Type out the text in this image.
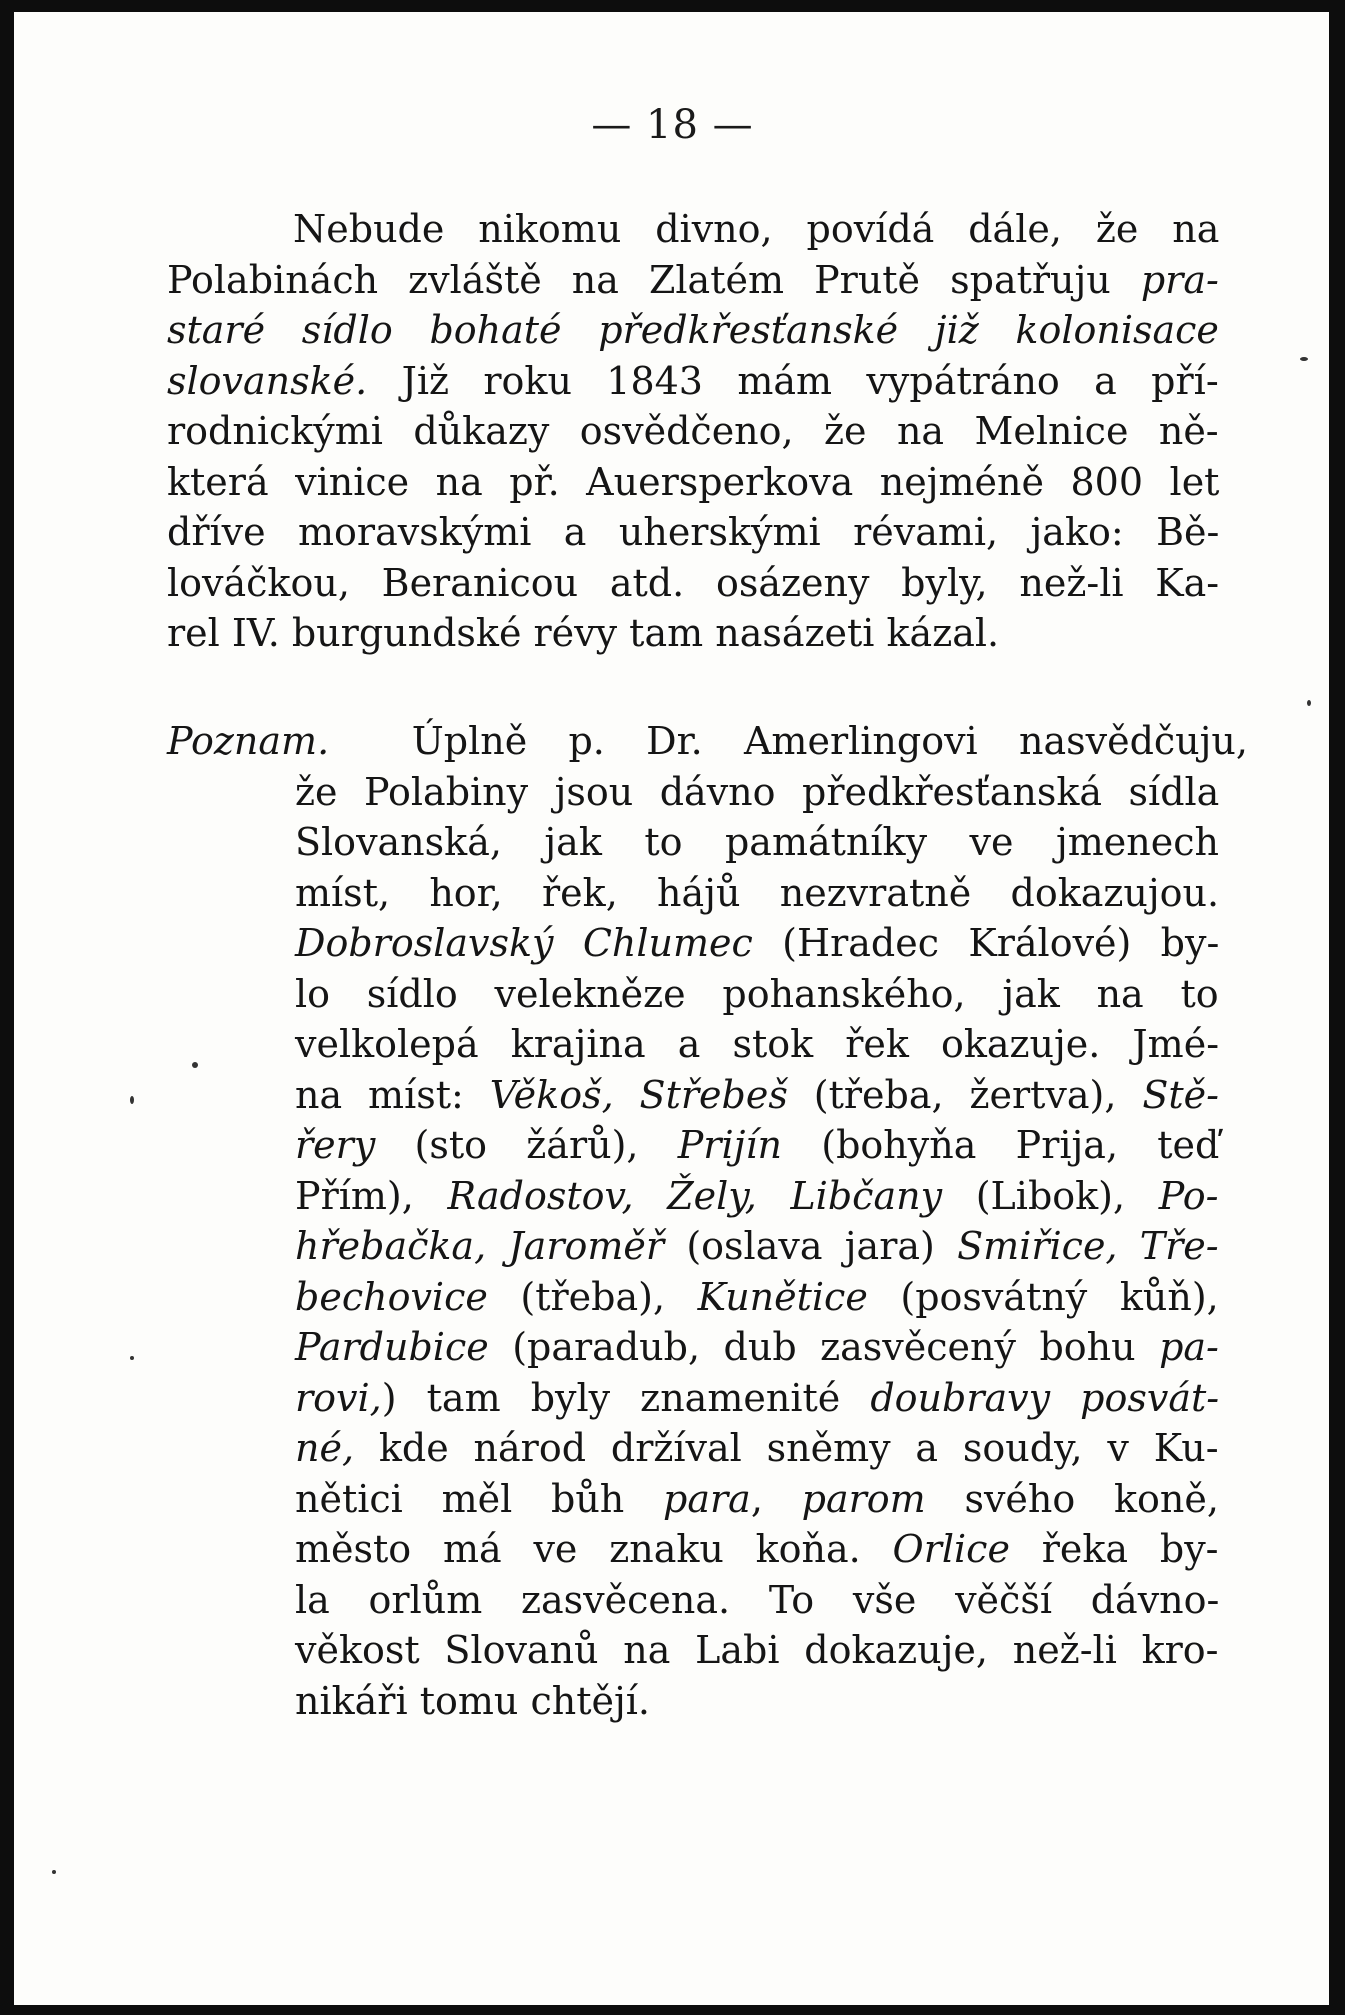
— 18 —
Nebude nikomu divno, povídá dále, že na
Polabinách zvláště na Zlatém Prutě spatřuju pra-
staré sídlo bohaté předkřesťanské již kolonisace
slovanské. Již roku 1843 mám vypátráno a pří-
rodnickými důkazy osvědčeno, že na Melnice ně-
která vinice na př. Auersperkova nejméně 800 let
dříve moravskými a uherskými révami, jako: Bě-
lováčkou, Beranicou atd. osázeny byly, než-li Ka-
rel IV. burgundské révy tam nasázeti kázal.
Poznam.  Úplně p. Dr. Amerlingovi nasvědčuju,
že Polabiny jsou dávno předkřesťanská sídla
Slovanská, jak to památníky ve jmenech
míst, hor, řek, hájů nezvratně dokazujou.
Dobroslavský Chlumec (Hradec Králové) by-
lo sídlo velekněze pohanského, jak na to
velkolepá krajina a stok řek okazuje. Jmé-
na míst: Věkoš, Střebeš (třeba, žertva), Stě-
řery (sto žárů), Prijín (bohyňa Prija, teď
Přím), Radostov, Žely, Libčany (Libok), Po-
hřebačka, Jaroměř (oslava jara) Smiřice, Tře-
bechovice (třeba), Kunětice (posvátný kůň),
Pardubice (paradub, dub zasvěcený bohu pa-
rovi,) tam byly znamenité doubravy posvát-
né, kde národ držíval sněmy a soudy, v Ku-
nětici měl bůh para, parom svého koně,
město má ve znaku koňa. Orlice řeka by-
la orlům zasvěcena. To vše věčší dávno-
věkost Slovanů na Labi dokazuje, než-li kro-
nikáři tomu chtějí.
